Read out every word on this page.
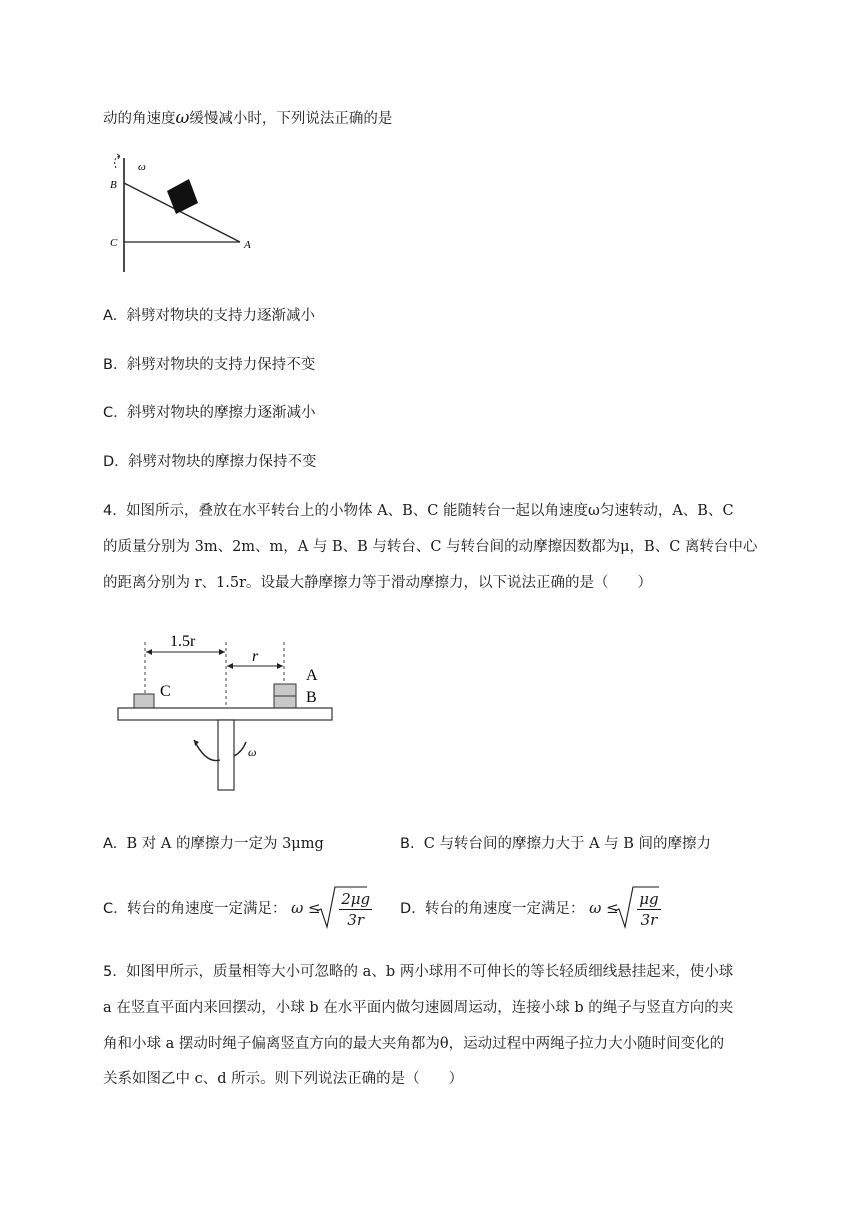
动的角速度ω缓慢减小时，下列说法正确的是
ω
B
C	A
A. 斜劈对物块的支持力逐渐减小
B. 斜劈对物块的支持力保持不变
C. 斜劈对物块的摩擦力逐渐减小
D. 斜劈对物块的摩擦力保持不变
4. 如图所示，叠放在水平转台上的小物体 A、B、C 能随转台一起以角速度ω匀速转动，A、B、C
的质量分别为 3m、2m、m，A 与 B、B 与转台、C 与转台间的动摩擦因数都为μ，B、C 离转台中心
的距离分别为 r、1.5r。设最大静摩擦力等于滑动摩擦力，以下说法正确的是（　　）
1.5r
r
C
A
B
ω
A. B 对 A 的摩擦力一定为 3μmg	B. C 与转台间的摩擦力大于 A 与 B 间的摩擦力
C. 转台的角速度一定满足： $\omega \le \frac{2\mu g}{3r} D$. 转台的角速度一定满足： $\omega \le \frac{\mu g}{3r}$
5. 如图甲所示，质量相等大小可忽略的 a、b 两小球用不可伸长的等长轻质细线悬挂起来，使小球
a 在竖直平面内来回摆动，小球 b 在水平面内做匀速圆周运动，连接小球 b 的绳子与竖直方向的夹
角和小球 a 摆动时绳子偏离竖直方向的最大夹角都为θ，运动过程中两绳子拉力大小随时间变化的
关系如图乙中 c、d 所示。则下列说法正确的是（　　）
